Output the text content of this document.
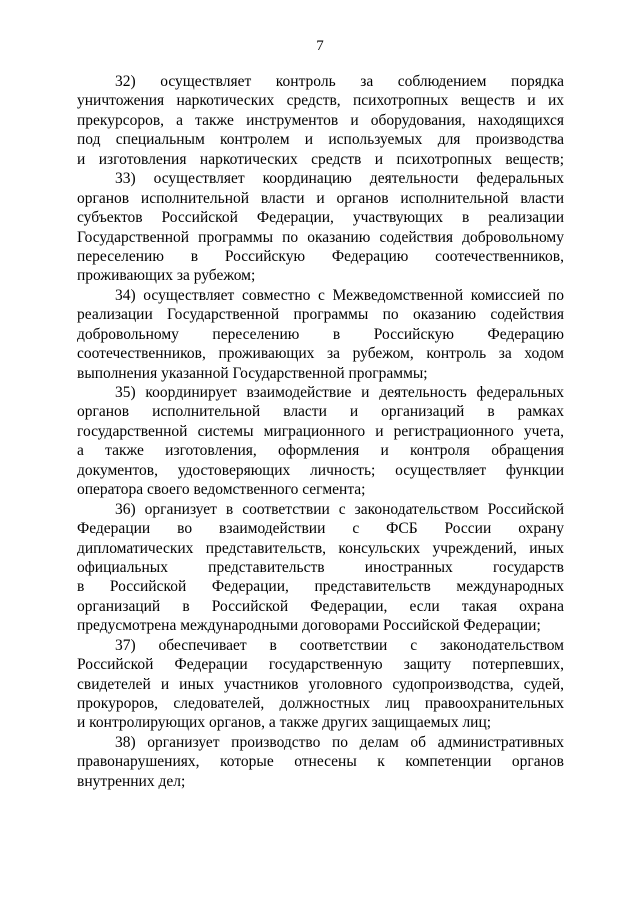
7

32) осуществляет контроль за соблюдением порядка
уничтожения наркотических средств, психотропных веществ и их
прекурсоров, а также инструментов и оборудования, находящихся
под специальным контролем и используемых для производства
и изготовления наркотических средств и психотропных веществ;

33) осуществляет координацию деятельности федеральных
органов исполнительной власти и органов исполнительной власти
субъектов Российской Федерации, участвующих в реализации
Государственной программы по оказанию содействия добровольному
переселению в Российскую Федерацию соотечественников,
проживающих за рубежом;

34) осуществляет совместно с Межведомственной комиссией по
реализации Государственной программы по оказанию содействия
добровольному переселению в Российскую Федерацию
соотечественников, проживающих за рубежом, контроль за ходом
выполнения указанной Государственной программы;

35) координирует взаимодействие и деятельность федеральных
органов исполнительной власти и организаций в рамках
государственной системы миграционного и регистрационного учета,
а также изготовления, оформления и контроля обращения
документов, удостоверяющих личность; осуществляет функции
оператора своего ведомственного сегмента;

36) организует в соответствии с законодательством Российской
Федерации во взаимодействии с ФСБ России охрану
дипломатических представительств, консульских учреждений, иных
официальных представительств иностранных государств
в Российской Федерации, представительств международных
организаций в Российской Федерации, если такая охрана
предусмотрена международными договорами Российской Федерации;

37) обеспечивает в соответствии с законодательством
Российской Федерации государственную защиту потерпевших,
свидетелей и иных участников уголовного судопроизводства, судей,
прокуроров, следователей, должностных лиц правоохранительных
и контролирующих органов, а также других защищаемых лиц;

38) организует производство по делам об административных
правонарушениях, которые отнесены к компетенции органов
внутренних дел;
